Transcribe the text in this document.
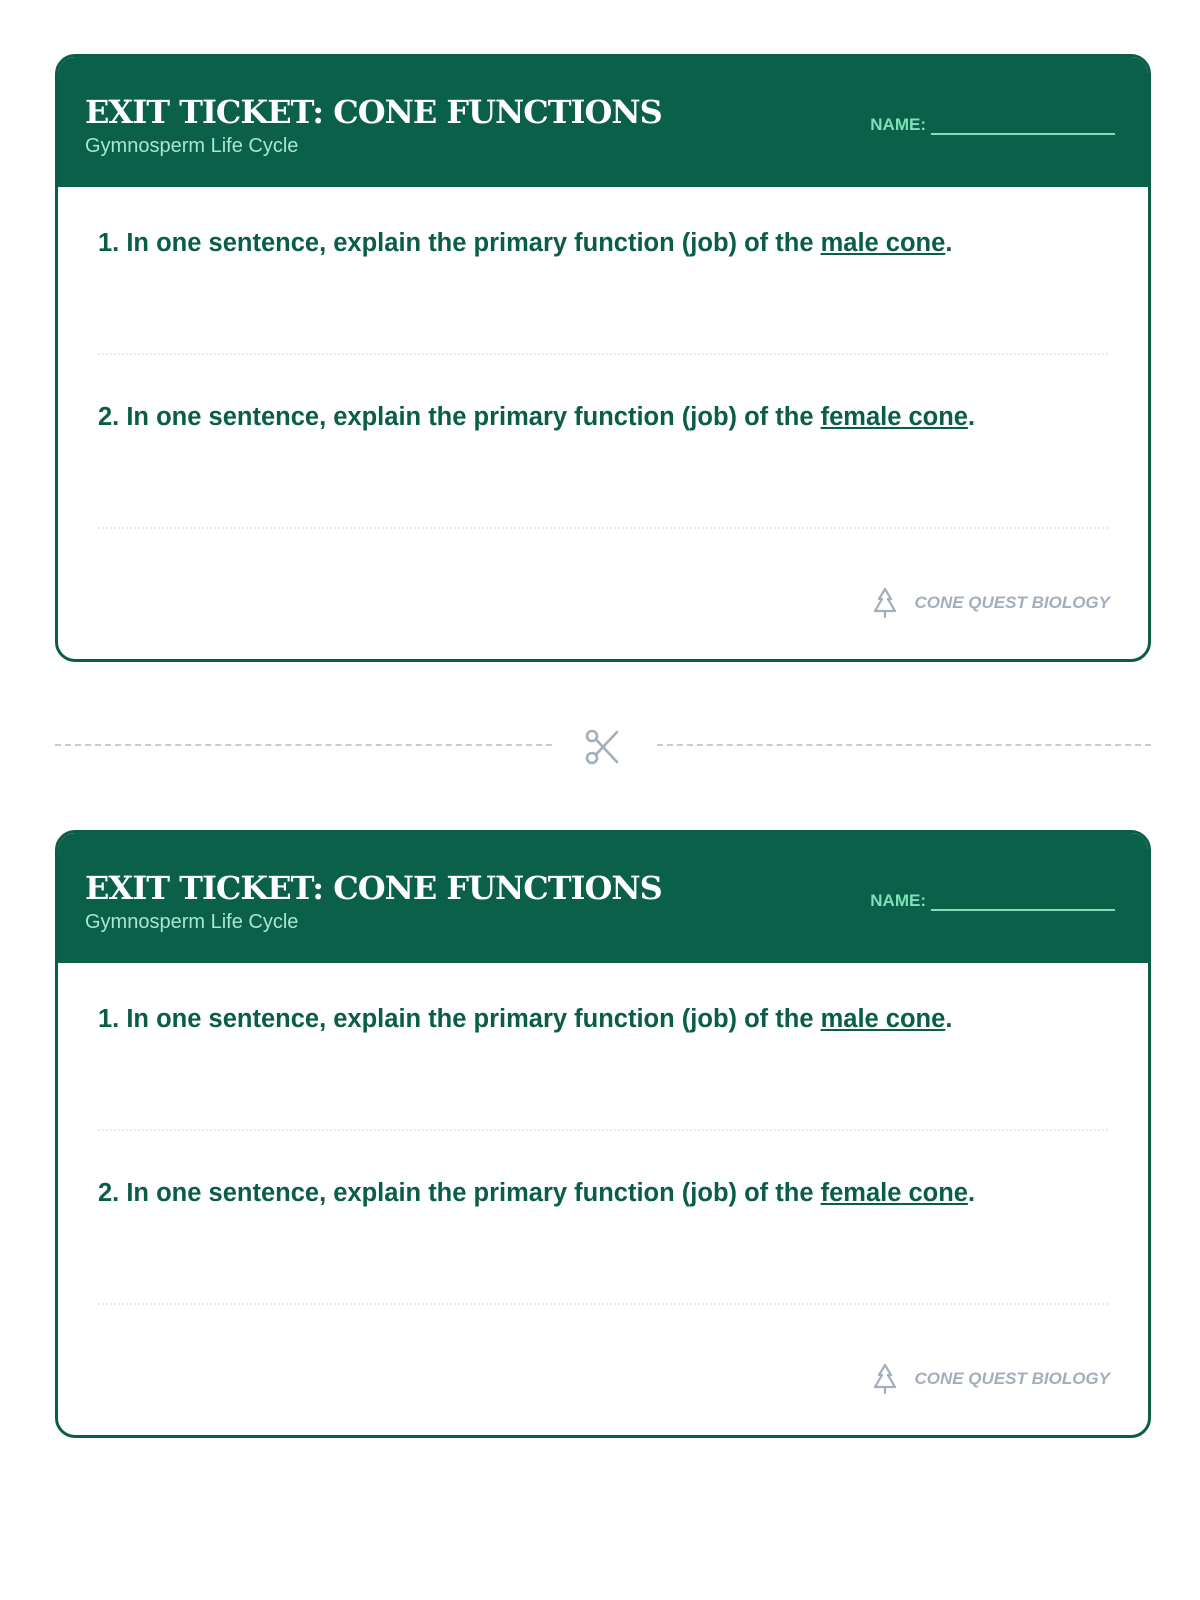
EXIT TICKET: CONE FUNCTIONS
Gymnosperm Life Cycle
NAME:

1. In one sentence, explain the primary function (job) of the male cone.

2. In one sentence, explain the primary function (job) of the female cone.

CONE QUEST BIOLOGY
EXIT TICKET: CONE FUNCTIONS
Gymnosperm Life Cycle
NAME:

1. In one sentence, explain the primary function (job) of the male cone.

2. In one sentence, explain the primary function (job) of the female cone.

CONE QUEST BIOLOGY
